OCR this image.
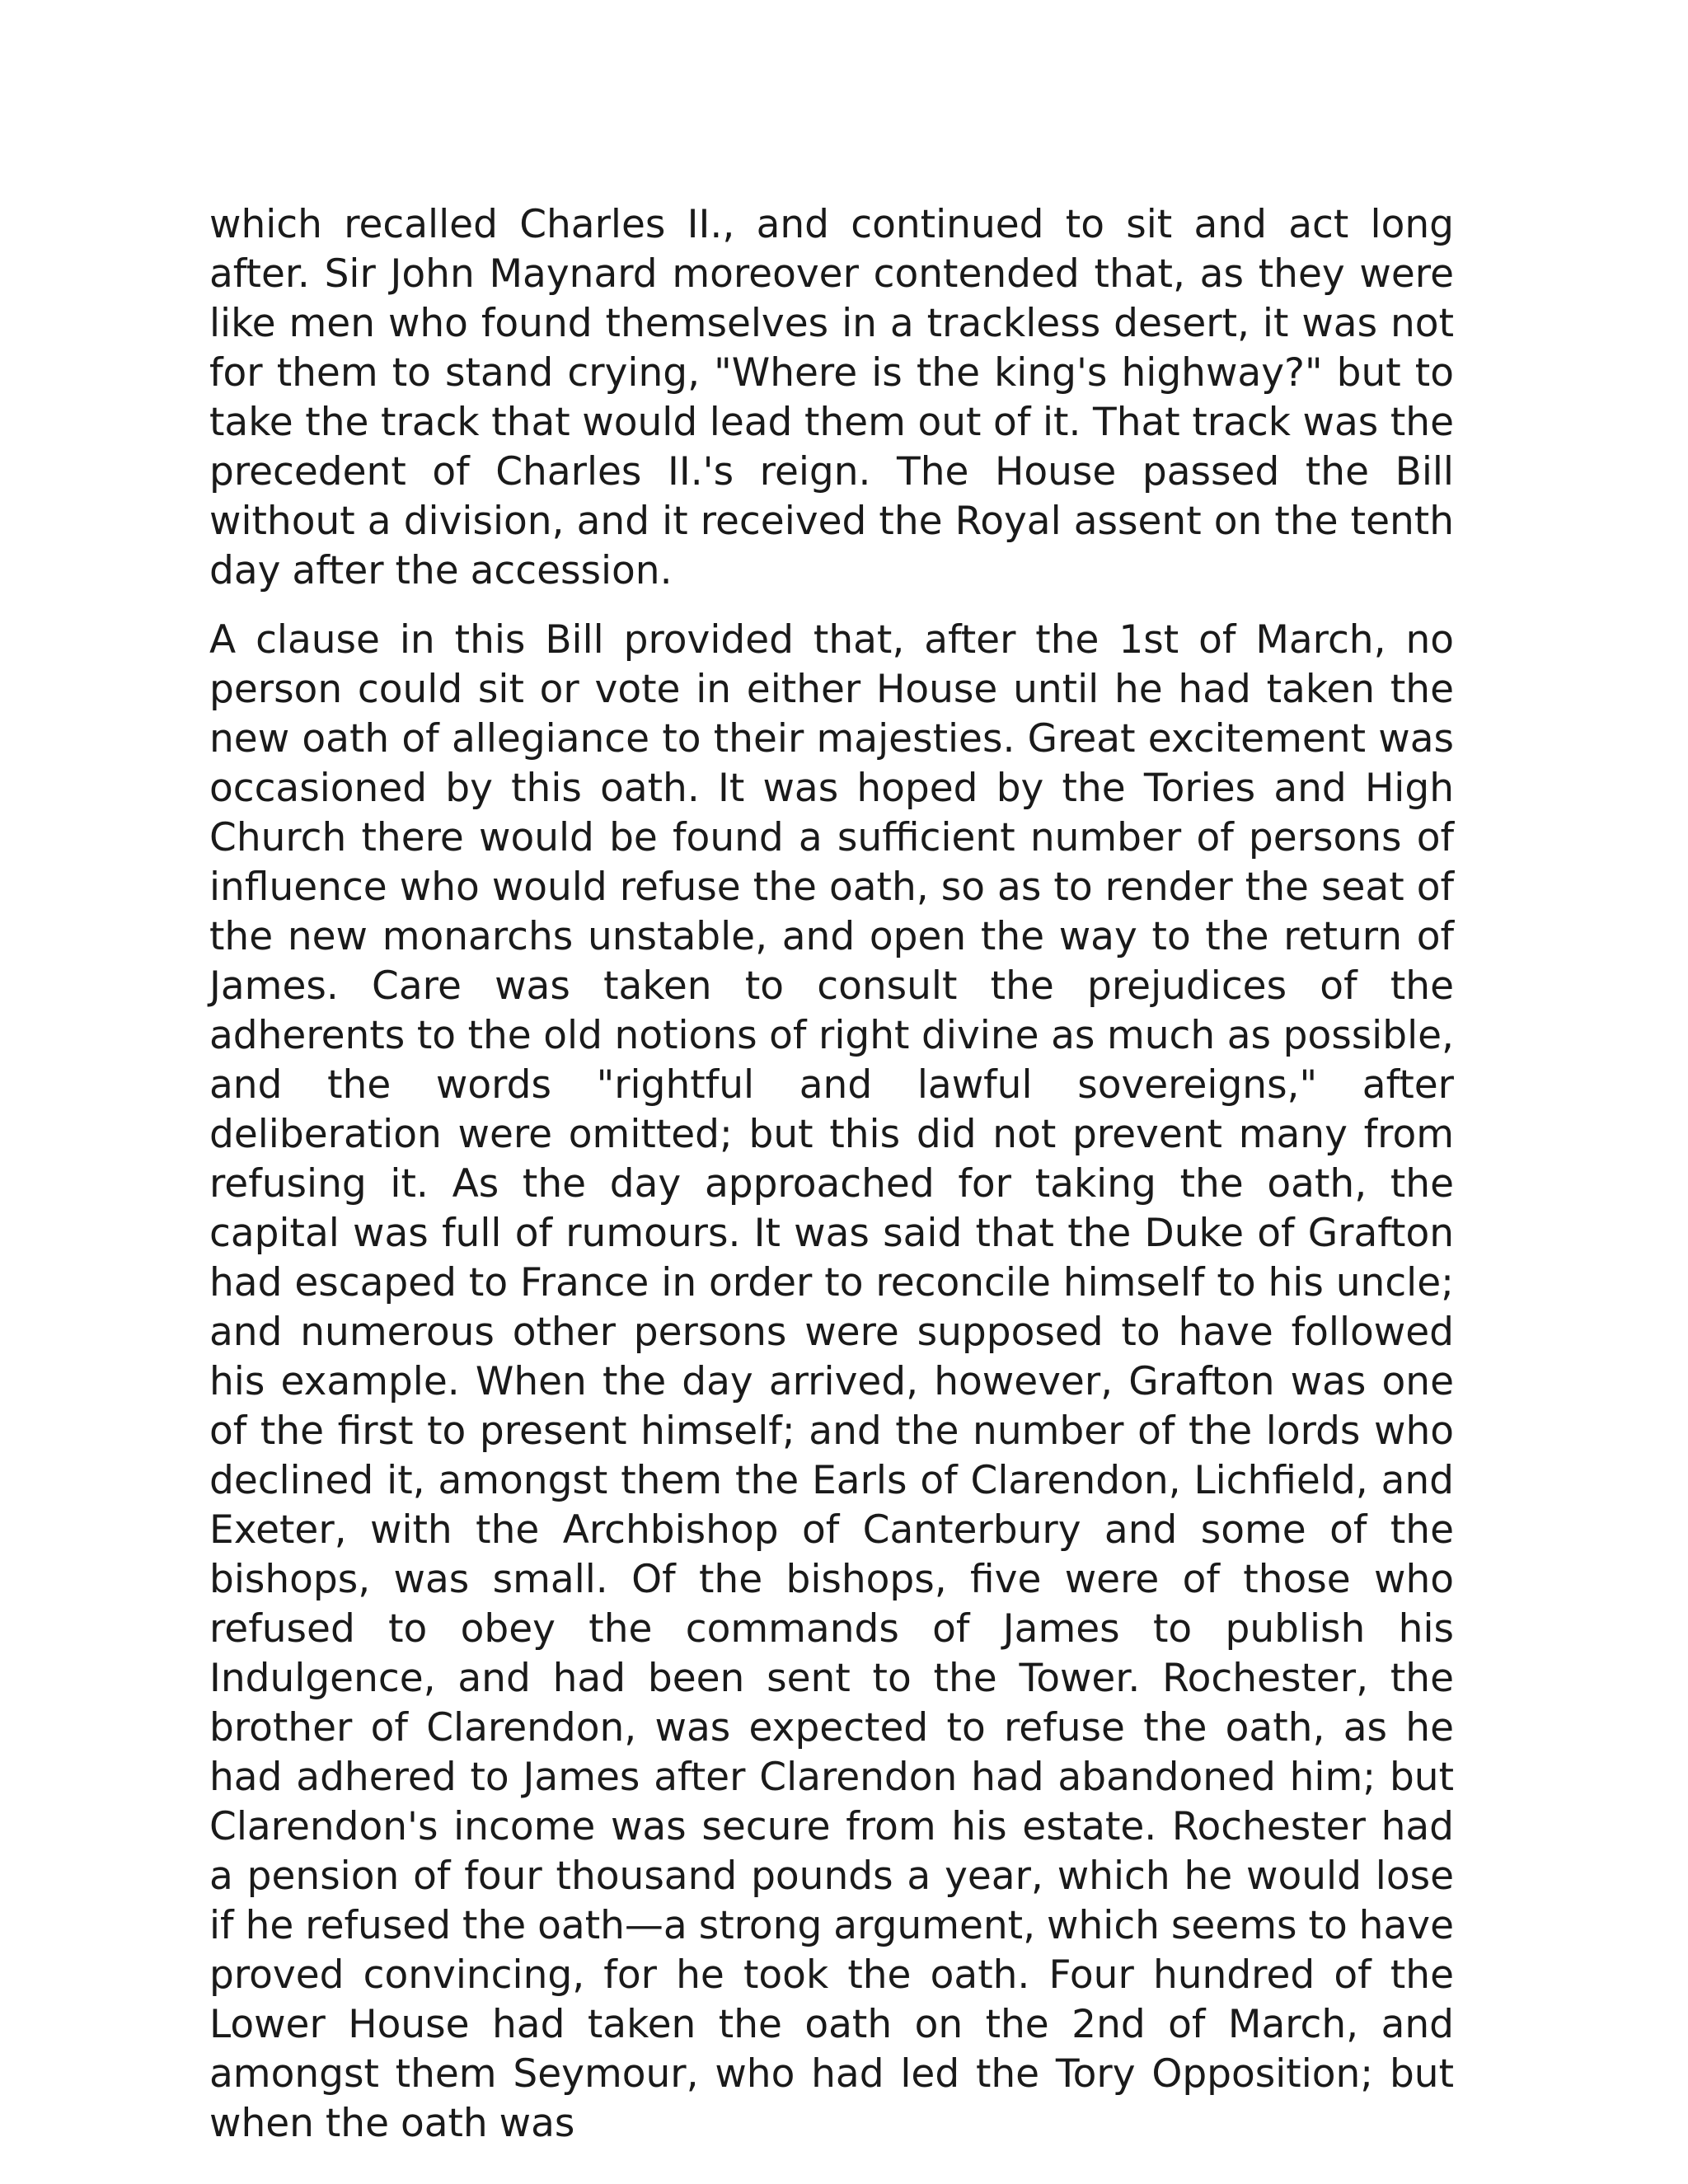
which recalled Charles II., and continued to sit and act long after. Sir John Maynard moreover contended that, as they were like men who found themselves in a trackless desert, it was not for them to stand crying, "Where is the king's highway?" but to take the track that would lead them out of it. That track was the precedent of Charles II.'s reign. The House passed the Bill without a division, and it received the Royal assent on the tenth day after the accession.

A clause in this Bill provided that, after the 1st of March, no person could sit or vote in either House until he had taken the new oath of allegiance to their majesties. Great excitement was occasioned by this oath. It was hoped by the Tories and High Church there would be found a sufficient number of persons of influence who would refuse the oath, so as to render the seat of the new monarchs unstable, and open the way to the return of James. Care was taken to consult the prejudices of the adherents to the old notions of right divine as much as possible, and the words "rightful and lawful sovereigns," after deliberation were omitted; but this did not prevent many from refusing it. As the day approached for taking the oath, the capital was full of rumours. It was said that the Duke of Grafton had escaped to France in order to reconcile himself to his uncle; and numerous other persons were supposed to have followed his example. When the day arrived, however, Grafton was one of the first to present himself; and the number of the lords who declined it, amongst them the Earls of Clarendon, Lichfield, and Exeter, with the Archbishop of Canterbury and some of the bishops, was small. Of the bishops, five were of those who refused to obey the commands of James to publish his Indulgence, and had been sent to the Tower. Rochester, the brother of Clarendon, was expected to refuse the oath, as he had adhered to James after Clarendon had abandoned him; but Clarendon's income was secure from his estate. Rochester had a pension of four thousand pounds a year, which he would lose if he refused the oath—a strong argument, which seems to have proved convincing, for he took the oath. Four hundred of the Lower House had taken the oath on the 2nd of March, and amongst them Seymour, who had led the Tory Opposition; but when the oath was
